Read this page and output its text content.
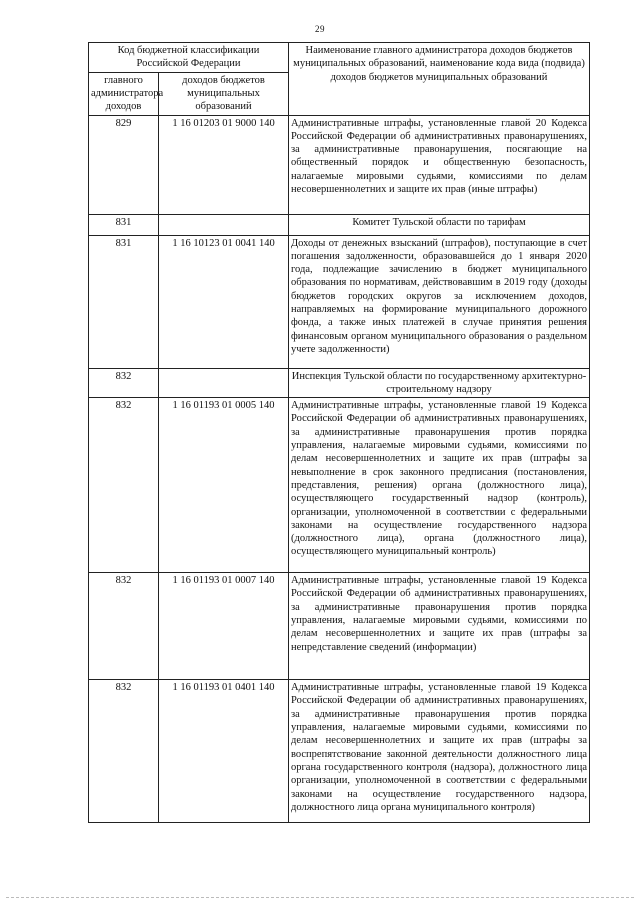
29
Код бюджетной классификации Российской Федерации		Наименование главного администратора доходов бюджетов муниципальных образований, наименование кода вида (подвида) доходов бюджетов муниципальных образований
главного администратора доходов	доходов бюджетов муниципальных образований	
829	1 16 01203 01 9000 140	Административные штрафы, установленные главой 20 Кодекса Российской Федерации об административных правонарушениях, за административные правонарушения, посягающие на общественный порядок и общественную безопасность, налагаемые мировыми судьями, комиссиями по делам несовершеннолетних и защите их прав (иные штрафы)
831		Комитет Тульской области по тарифам
831	1 16 10123 01 0041 140	Доходы от денежных взысканий (штрафов), поступающие в счет погашения задолженности, образовавшейся до 1 января 2020 года, подлежащие зачислению в бюджет муниципального образования по нормативам, действовавшим в 2019 году (доходы бюджетов городских округов за исключением доходов, направляемых на формирование муниципального дорожного фонда, а также иных платежей в случае принятия решения финансовым органом муниципального образования о раздельном учете задолженности)
832		Инспекция Тульской области по государственному архитектурно-строительному надзору
832	1 16 01193 01 0005 140	Административные штрафы, установленные главой 19 Кодекса Российской Федерации об административных правонарушениях, за административные правонарушения против порядка управления, налагаемые мировыми судьями, комиссиями по делам несовершеннолетних и защите их прав (штрафы за невыполнение в срок законного предписания (постановления, представления, решения) органа (должностного лица), осуществляющего государственный надзор (контроль), организации, уполномоченной в соответствии с федеральными законами на осуществление государственного надзора (должностного лица), органа (должностного лица), осуществляющего муниципальный контроль)
832	1 16 01193 01 0007 140	Административные штрафы, установленные главой 19 Кодекса Российской Федерации об административных правонарушениях, за административные правонарушения против порядка управления, налагаемые мировыми судьями, комиссиями по делам несовершеннолетних и защите их прав (штрафы за непредставление сведений (информации)
832	1 16 01193 01 0401 140	Административные штрафы, установленные главой 19 Кодекса Российской Федерации об административных правонарушениях, за административные правонарушения против порядка управления, налагаемые мировыми судьями, комиссиями по делам несовершеннолетних и защите их прав (штрафы за воспрепятствование законной деятельности должностного лица органа государственного контроля (надзора), должностного лица организации, уполномоченной в соответствии с федеральными законами на осуществление государственного надзора, должностного лица органа муниципального контроля)
